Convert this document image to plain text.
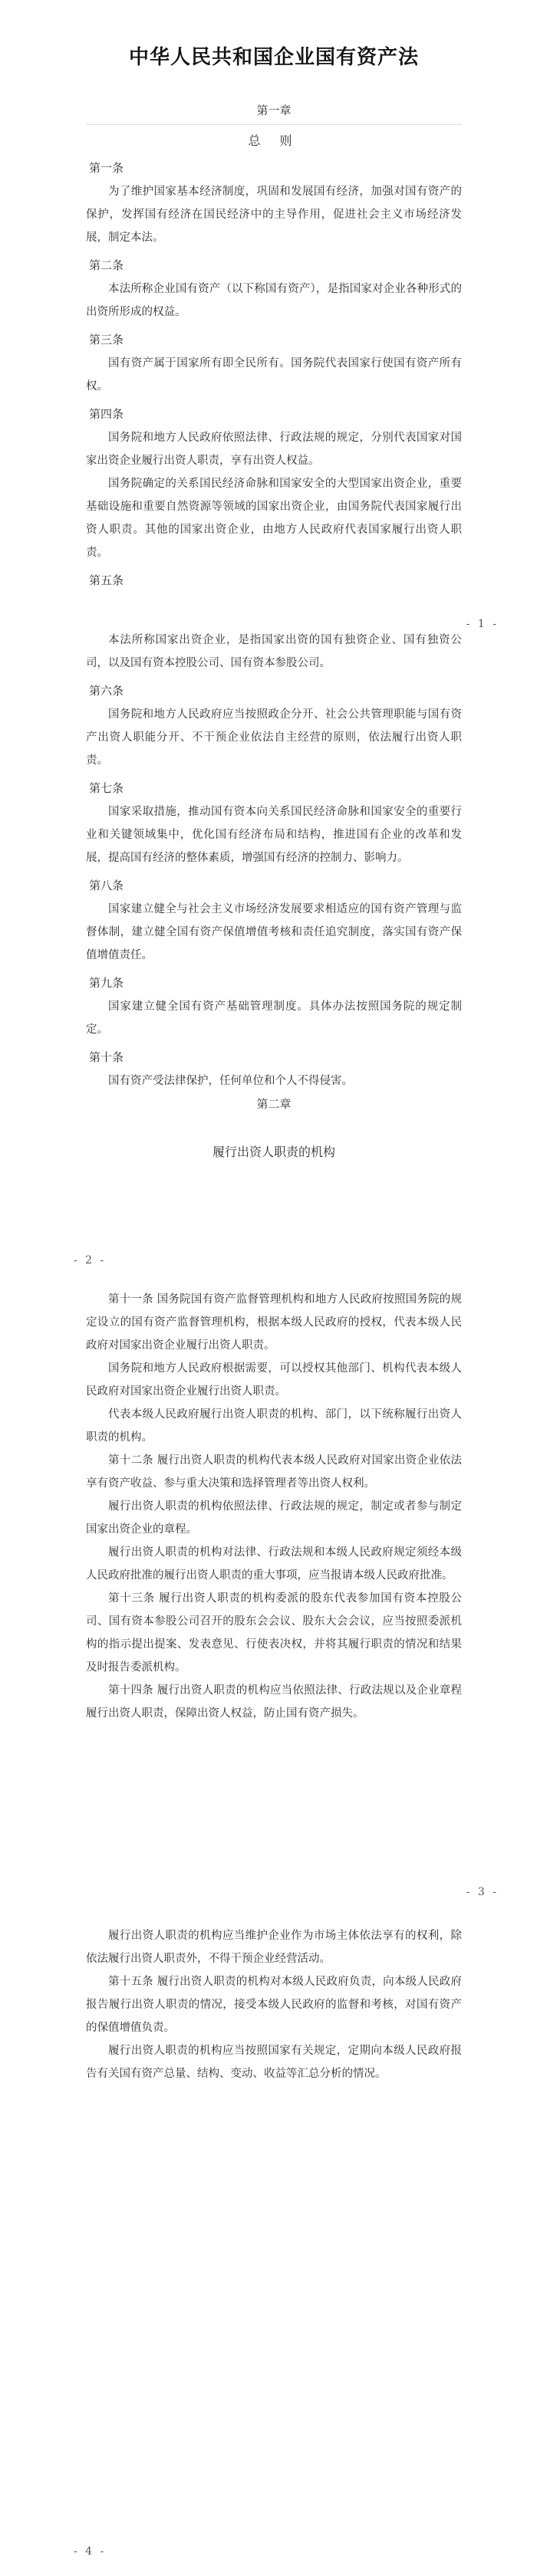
中华人民共和国企业国有资产法
第一章
总 则
第一条

为了维护国家基本经济制度，巩固和发展国有经济，加强对国有资产的保护，发挥国有经济在国民经济中的主导作用，促进社会主义市场经济发展，制定本法。

第二条

本法所称企业国有资产（以下称国有资产），是指国家对企业各种形式的出资所形成的权益。

第三条

国有资产属于国家所有即全民所有。国务院代表国家行使国有资产所有权。

第四条

国务院和地方人民政府依照法律、行政法规的规定，分别代表国家对国家出资企业履行出资人职责，享有出资人权益。

国务院确定的关系国民经济命脉和国家安全的大型国家出资企业，重要基础设施和重要自然资源等领域的国家出资企业，由国务院代表国家履行出资人职责。其他的国家出资企业，由地方人民政府代表国家履行出资人职责。

第五条
- 1 -

本法所称国家出资企业，是指国家出资的国有独资企业、国有独资公司，以及国有资本控股公司、国有资本参股公司。

第六条

国务院和地方人民政府应当按照政企分开、社会公共管理职能与国有资产出资人职能分开、不干预企业依法自主经营的原则，依法履行出资人职责。

第七条

国家采取措施，推动国有资本向关系国民经济命脉和国家安全的重要行业和关键领域集中，优化国有经济布局和结构，推进国有企业的改革和发展，提高国有经济的整体素质，增强国有经济的控制力、影响力。

第八条

国家建立健全与社会主义市场经济发展要求相适应的国有资产管理与监督体制，建立健全国有资产保值增值考核和责任追究制度，落实国有资产保值增值责任。

第九条

国家建立健全国有资产基础管理制度。具体办法按照国务院的规定制定。

第十条

国有资产受法律保护，任何单位和个人不得侵害。

第二章
履行出资人职责的机构
- 2 -

第十一条 国务院国有资产监督管理机构和地方人民政府按照国务院的规定设立的国有资产监督管理机构，根据本级人民政府的授权，代表本级人民政府对国家出资企业履行出资人职责。

国务院和地方人民政府根据需要，可以授权其他部门、机构代表本级人民政府对国家出资企业履行出资人职责。

代表本级人民政府履行出资人职责的机构、部门，以下统称履行出资人职责的机构。

第十二条 履行出资人职责的机构代表本级人民政府对国家出资企业依法享有资产收益、参与重大决策和选择管理者等出资人权利。

履行出资人职责的机构依照法律、行政法规的规定，制定或者参与制定国家出资企业的章程。

履行出资人职责的机构对法律、行政法规和本级人民政府规定须经本级人民政府批准的履行出资人职责的重大事项，应当报请本级人民政府批准。

第十三条 履行出资人职责的机构委派的股东代表参加国有资本控股公司、国有资本参股公司召开的股东会会议、股东大会会议，应当按照委派机构的指示提出提案、发表意见、行使表决权，并将其履行职责的情况和结果及时报告委派机构。

第十四条 履行出资人职责的机构应当依照法律、行政法规以及企业章程履行出资人职责，保障出资人权益，防止国有资产损失。

- 3 -

履行出资人职责的机构应当维护企业作为市场主体依法享有的权利，除依法履行出资人职责外，不得干预企业经营活动。

第十五条 履行出资人职责的机构对本级人民政府负责，向本级人民政府报告履行出资人职责的情况，接受本级人民政府的监督和考核，对国有资产的保值增值负责。

履行出资人职责的机构应当按照国家有关规定，定期向本级人民政府报告有关国有资产总量、结构、变动、收益等汇总分析的情况。

- 4 -
